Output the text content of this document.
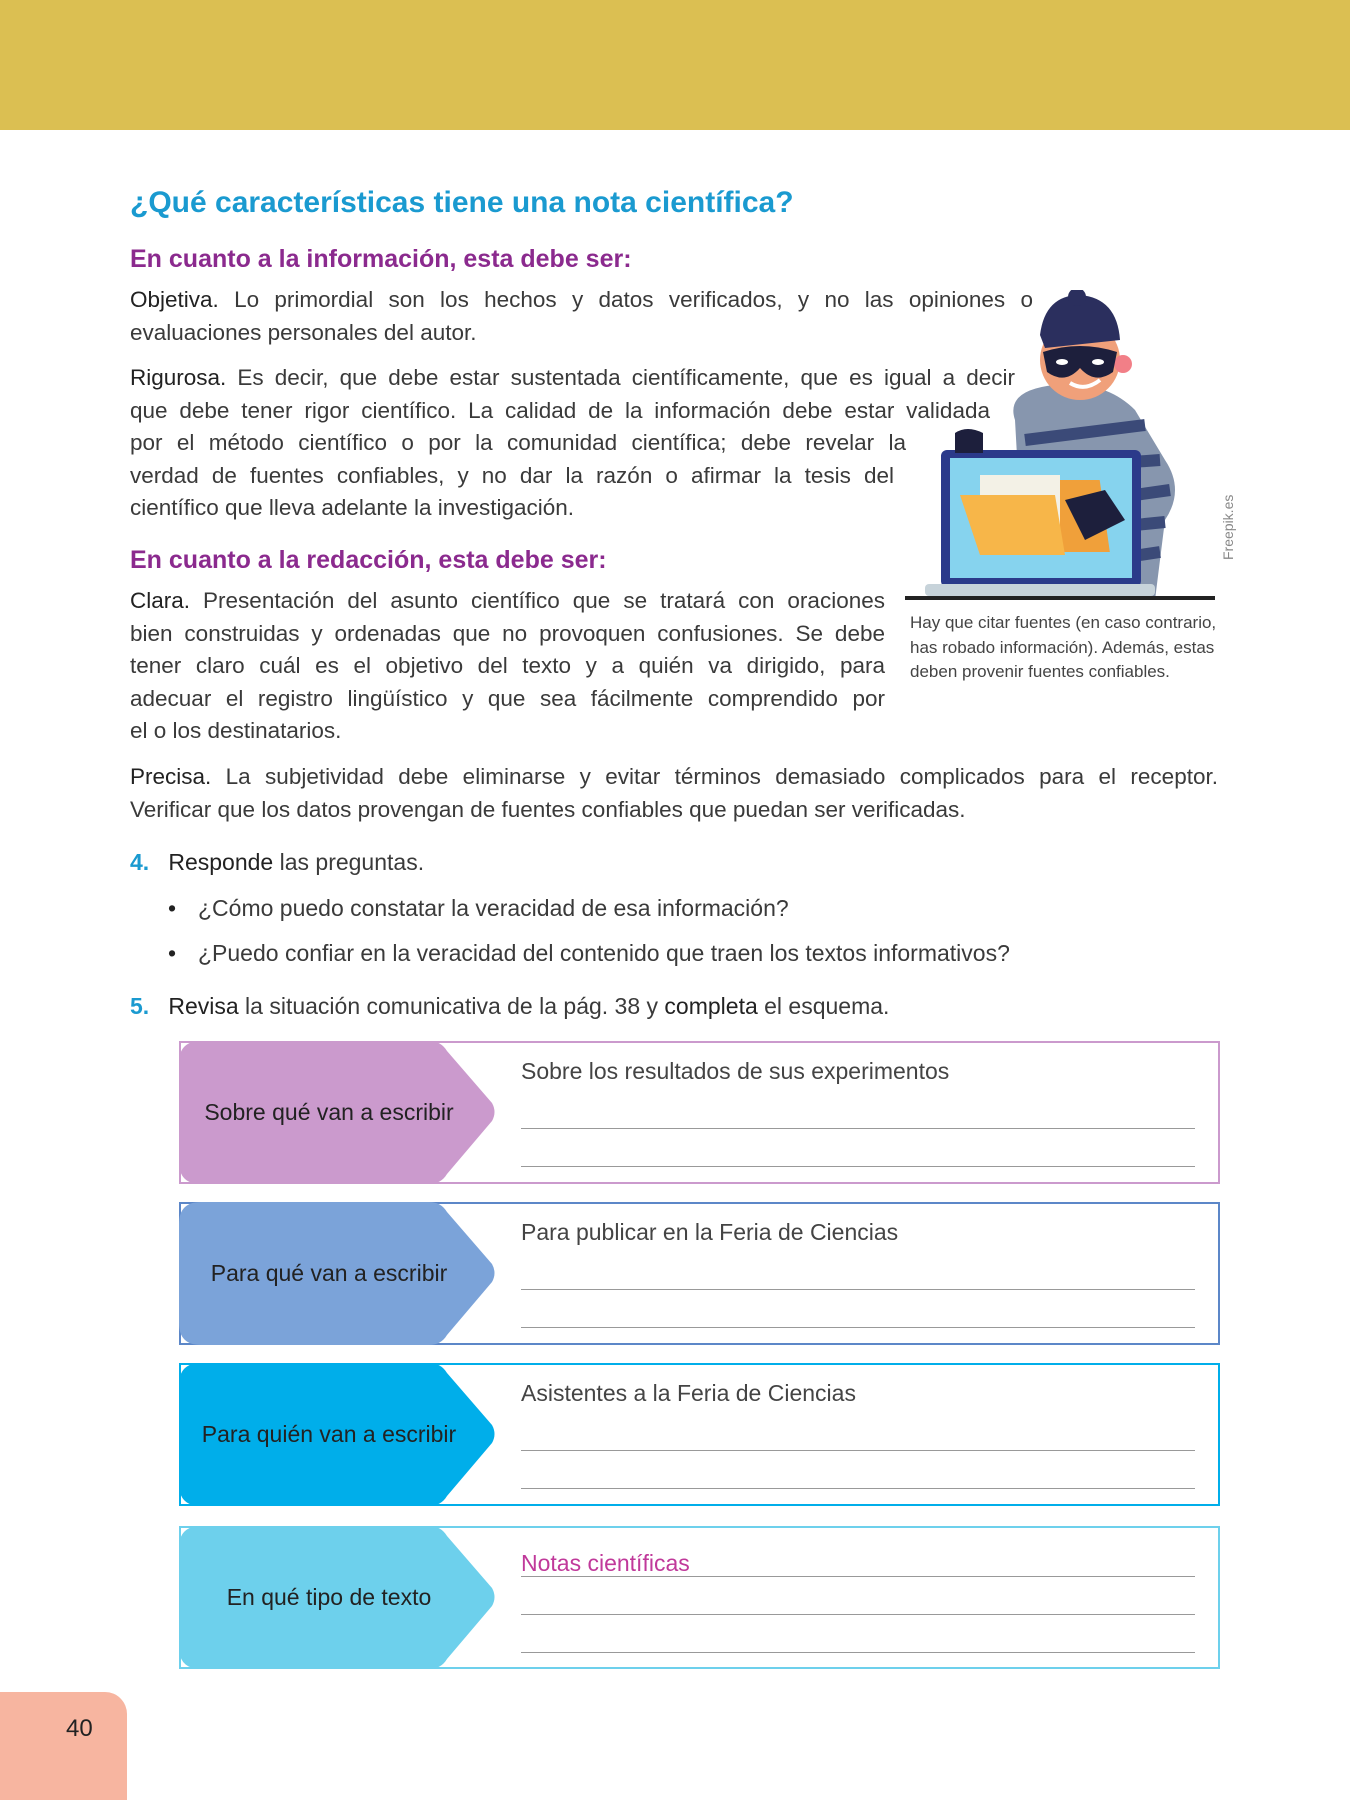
¿Qué características tiene una nota científica?
En cuanto a la información, esta debe ser:
Objetiva. Lo primordial son los hechos y datos verificados, y no las opiniones o
evaluaciones personales del autor.
Rigurosa. Es decir, que debe estar sustentada científicamente, que es igual a decir
que debe tener rigor científico. La calidad de la información debe estar validada
por el método científico o por la comunidad científica; debe revelar la
verdad de fuentes confiables, y no dar la razón o afirmar la tesis del
científico que lleva adelante la investigación.
En cuanto a la redacción, esta debe ser:
Clara. Presentación del asunto científico que se tratará con oraciones
bien construidas y ordenadas que no provoquen confusiones. Se debe
tener claro cuál es el objetivo del texto y a quién va dirigido, para
adecuar el registro lingüístico y que sea fácilmente comprendido por
el o los destinatarios.
Precisa. La subjetividad debe eliminarse y evitar términos demasiado complicados para el receptor.
Verificar que los datos provengan de fuentes confiables que puedan ser verificadas.

Hay que citar fuentes (en caso contrario, has robado información). Además, estas deben provenir fuentes confiables.

Freepik.es
4. Responde las preguntas.
• ¿Cómo puedo constatar la veracidad de esa información?
• ¿Puedo confiar en la veracidad del contenido que traen los textos informativos?
5. Revisa la situación comunicativa de la pág. 38 y completa el esquema.
Sobre qué van a escribir
Sobre los resultados de sus experimentos
Para qué van a escribir
Para publicar en la Feria de Ciencias
Para quién van a escribir
Asistentes a la Feria de Ciencias
En qué tipo de texto
Notas científicas
40
